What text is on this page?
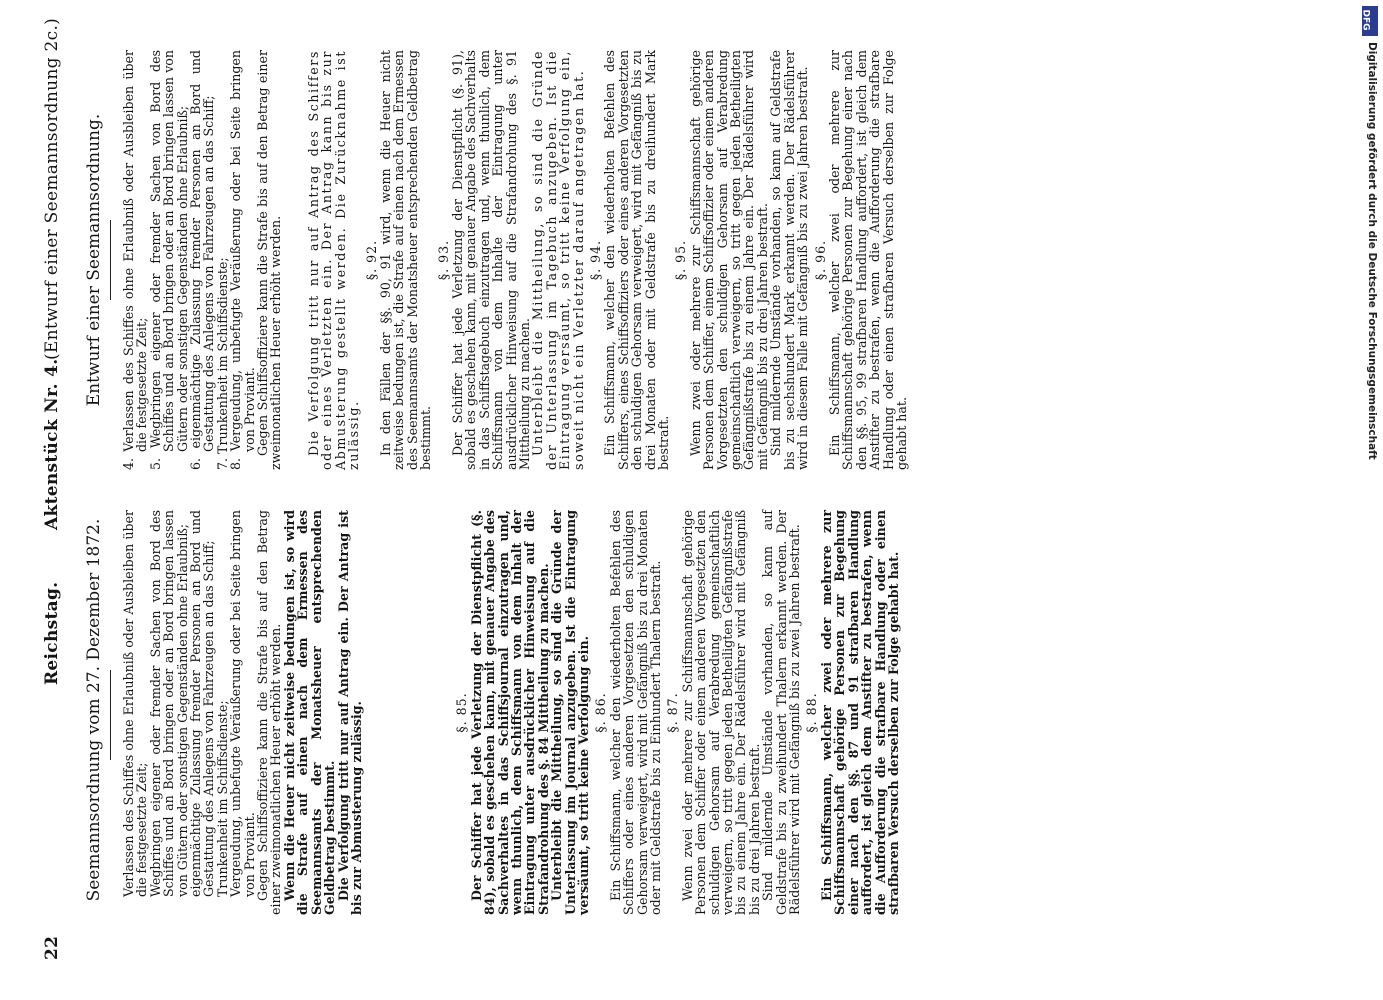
22
Reichstag.
Aktenstück Nr. 4.
(Entwurf einer Seemannsordnung 2c.)
Seemannsordnung vom 27. Dezember 1872.
Entwurf einer Seemannsordnung.

Verlassen des Schiffes ohne Erlaubniß oder Ausbleiben über die festgesetzte Zeit;

Wegbringen eigener oder fremder Sachen von Bord des Schiffes und an Bord bringen oder an Bord bringen lassen von Gütern oder sonstigen Gegenständen ohne Erlaubniß;

eigenmächtige Zulassung fremder Personen an Bord und Gestattung des Anlegens von Fahrzeugen an das Schiff;

Trunkenheit im Schiffsdienste;

Vergeudung, unbefugte Veräußerung oder bei Seite bringen von Proviant.

Gegen Schiffsoffiziere kann die Strafe bis auf den Betrag einer zweimonatlichen Heuer erhöht werden.

Wenn die Heuer nicht zeitweise bedungen ist, so wird die Strafe auf einen nach dem Ermessen des Seemannsamts der Monatsheuer entsprechenden Geldbetrag bestimmt.

Die Verfolgung tritt nur auf Antrag ein. Der Antrag ist bis zur Abmusterung zulässig.	§. 85. Der Schiffer hat jede Verletzung der Dienstpflicht (§. 84), sobald es geschehen kann, mit genauer Angabe des Sachverhaltes in das Schiffsjournal einzutragen und, wenn thunlich, dem Schiffsmann von dem Inhalt der Eintragung unter ausdrücklicher Hinweisung auf die Strafandrohung des §. 84 Mittheilung zu machen.

Unterbleibt die Mittheilung, so sind die Gründe der Unterlassung im Journal anzugeben. Ist die Eintragung versäumt, so tritt keine Verfolgung ein. §. 86. Ein Schiffsmann, welcher den wiederholten Befehlen des Schiffers oder eines anderen Vorgesetzten den schuldigen Gehorsam verweigert, wird mit Gefängniß bis zu drei Monaten oder mit Geldstrafe bis zu Einhundert Thalern bestraft. §. 87. Wenn zwei oder mehrere zur Schiffsmannschaft gehörige Personen dem Schiffer oder einem anderen Vorgesetzten den schuldigen Gehorsam auf Verabredung gemeinschaftlich verweigern, so tritt gegen jeden Betheiligten Gefängnißstrafe bis zu einem Jahre ein. Der Rädelsführer wird mit Gefängniß bis zu drei Jahren bestraft.

Sind mildernde Umstände vorhanden, so kann auf Geldstrafe bis zu zweihundert Thalern erkannt werden. Der Rädelsführer wird mit Gefängniß bis zu zwei Jahren bestraft. §. 88. Ein Schiffsmann, welcher zwei oder mehrere zur Schiffsmannschaft gehörige Personen zur Begehung einer nach den §§. 87 und 91 strafbaren Handlung auffordert, ist gleich dem Anstifter zu bestrafen, wenn die Aufforderung die strafbare Handlung oder einen strafbaren Versuch derselben zur Folge gehabt hat.

4. Verlassen des Schiffes ohne Erlaubniß oder Ausbleiben über die festgesetzte Zeit;

5. Wegbringen eigener oder fremder Sachen von Bord des Schiffes und an Bord bringen oder an Bord bringen lassen von Gütern oder sonstigen Gegenständen ohne Erlaubniß;

6. eigenmächtige Zulassung fremder Personen an Bord und Gestattung des Anlegens von Fahrzeugen an das Schiff;

7. Trunkenheit im Schiffsdienste;

8. Vergeudung, unbefugte Veräußerung oder bei Seite bringen von Proviant.

Gegen Schiffsoffiziere kann die Strafe bis auf den Betrag einer zweimonatlichen Heuer erhöht werden. Die Verfolgung tritt nur auf Antrag des Schiffers oder eines Verletzten ein. Der Antrag kann bis zur Abmusterung gestellt werden. Die Zurücknahme ist zulässig.

§. 92. In den Fällen der §§. 90, 91 wird, wenn die Heuer nicht zeitweise bedungen ist, die Strafe auf einen nach dem Ermessen des Seemannsamts der Monatsheuer entsprechenden Geldbetrag bestimmt.

§. 93. Der Schiffer hat jede Verletzung der Dienstpflicht (§. 91), sobald es geschehen kann, mit genauer Angabe des Sachverhalts in das Schiffstagebuch einzutragen und, wenn thunlich, dem Schiffsmann von dem Inhalte der Eintragung unter ausdrücklicher Hinweisung auf die Strafandrohung des §. 91 Mittheilung zu machen.

Unterbleibt die Mittheilung, so sind die Gründe der Unterlassung im Tagebuch anzugeben. Ist die Eintragung versäumt, so tritt keine Verfolgung ein, soweit nicht ein Verletzter darauf angetragen hat. §. 94. Ein Schiffsmann, welcher den wiederholten Befehlen des Schiffers, eines Schiffsoffiziers oder eines anderen Vorgesetzten den schuldigen Gehorsam verweigert, wird mit Gefängniß bis zu drei Monaten oder mit Geldstrafe bis zu dreihundert Mark bestraft.

§. 95. Wenn zwei oder mehrere zur Schiffsmannschaft gehörige Personen dem Schiffer, einem Schiffsoffizier oder einem anderen Vorgesetzten den schuldigen Gehorsam auf Verabredung gemeinschaftlich verweigern, so tritt gegen jeden Betheiligten Gefängnißstrafe bis zu einem Jahre ein. Der Rädelsführer wird mit Gefängniß bis zu drei Jahren bestraft.

Sind mildernde Umstände vorhanden, so kann auf Geldstrafe bis zu sechshundert Mark erkannt werden. Der Rädelsführer wird in diesem Falle mit Gefängniß bis zu zwei Jahren bestraft. §. 96. Ein Schiffsmann, welcher zwei oder mehrere zur Schiffsmannschaft gehörige Personen zur Begehung einer nach den §§. 95, 99 strafbaren Handlung auffordert, ist gleich dem Anstifter zu bestrafen, wenn die Aufforderung die strafbare Handlung oder einen strafbaren Versuch derselben zur Folge gehabt hat.

DFG
Digitalisierung gefördert durch die Deutsche Forschungsgemeinschaft
